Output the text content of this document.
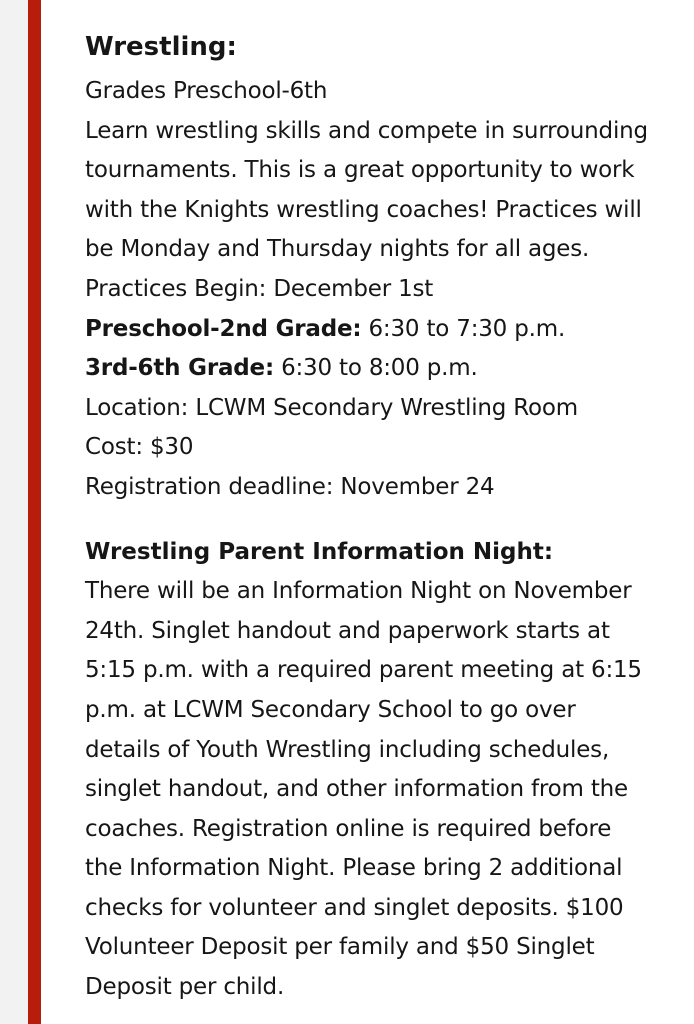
Wrestling:
Grades Preschool-6th
Learn wrestling skills and compete in surrounding
tournaments. This is a great opportunity to work
with the Knights wrestling coaches! Practices will
be Monday and Thursday nights for all ages.
Practices Begin: December 1st
Preschool-2nd Grade: 6:30 to 7:30 p.m.
3rd-6th Grade: 6:30 to 8:00 p.m.
Location: LCWM Secondary Wrestling Room
Cost: $30
Registration deadline: November 24
Wrestling Parent Information Night:
There will be an Information Night on November
24th. Singlet handout and paperwork starts at
5:15 p.m. with a required parent meeting at 6:15
p.m. at LCWM Secondary School to go over
details of Youth Wrestling including schedules,
singlet handout, and other information from the
coaches. Registration online is required before
the Information Night. Please bring 2 additional
checks for volunteer and singlet deposits. $100
Volunteer Deposit per family and $50 Singlet
Deposit per child.
